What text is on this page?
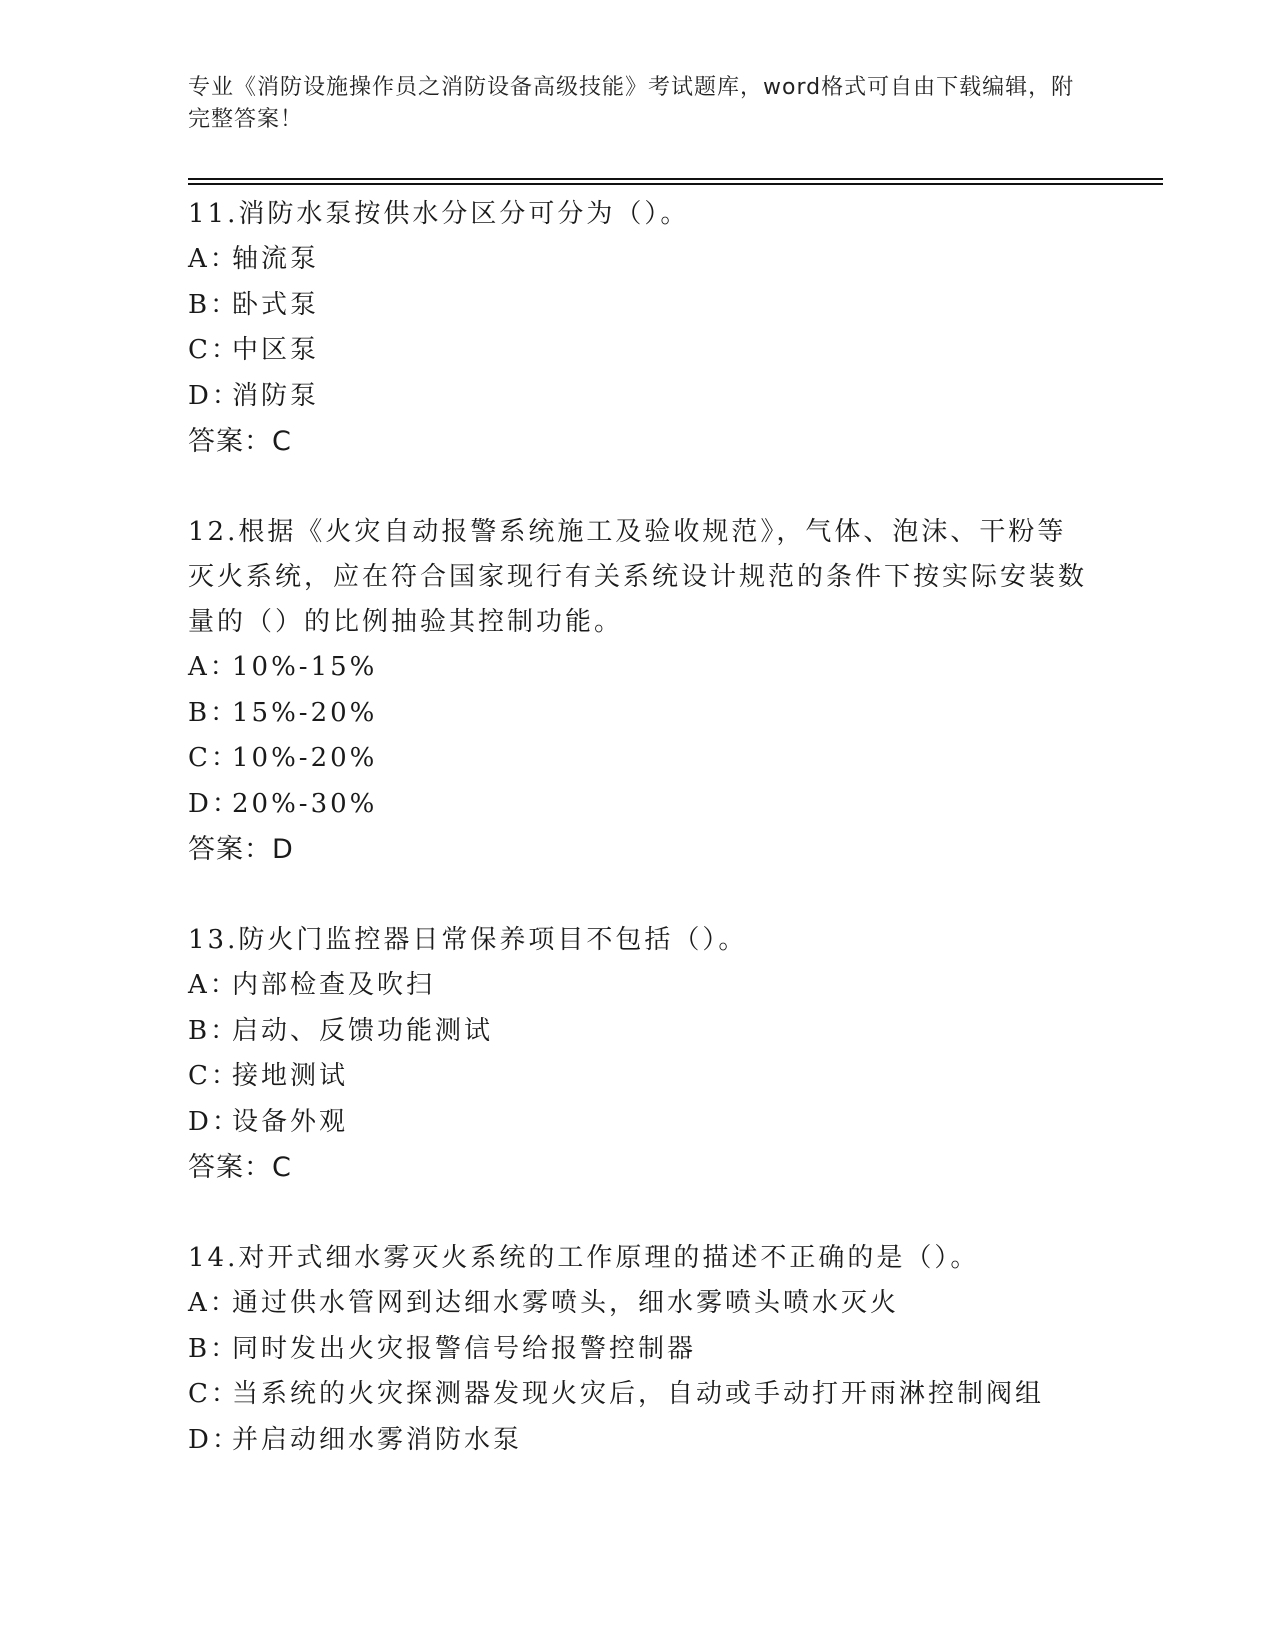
专业《消防设施操作员之消防设备高级技能》考试题库，word格式可自由下载编辑，附完整答案！

11.消防水泵按供水分区分可分为（）。

A：轴流泵

B：卧式泵

C：中区泵

D：消防泵

答案：C

12.根据《火灾自动报警系统施工及验收规范》，气体、泡沫、干粉等灭火系统，应在符合国家现行有关系统设计规范的条件下按实际安装数量的（）的比例抽验其控制功能。

A：10%-15%

B：15%-20%

C：10%-20%

D：20%-30%

答案：D

13.防火门监控器日常保养项目不包括（）。

A：内部检查及吹扫

B：启动、反馈功能测试

C：接地测试

D：设备外观

答案：C

14.对开式细水雾灭火系统的工作原理的描述不正确的是（）。

A：通过供水管网到达细水雾喷头，细水雾喷头喷水灭火

B：同时发出火灾报警信号给报警控制器

C：当系统的火灾探测器发现火灾后，自动或手动打开雨淋控制阀组

D：并启动细水雾消防水泵
